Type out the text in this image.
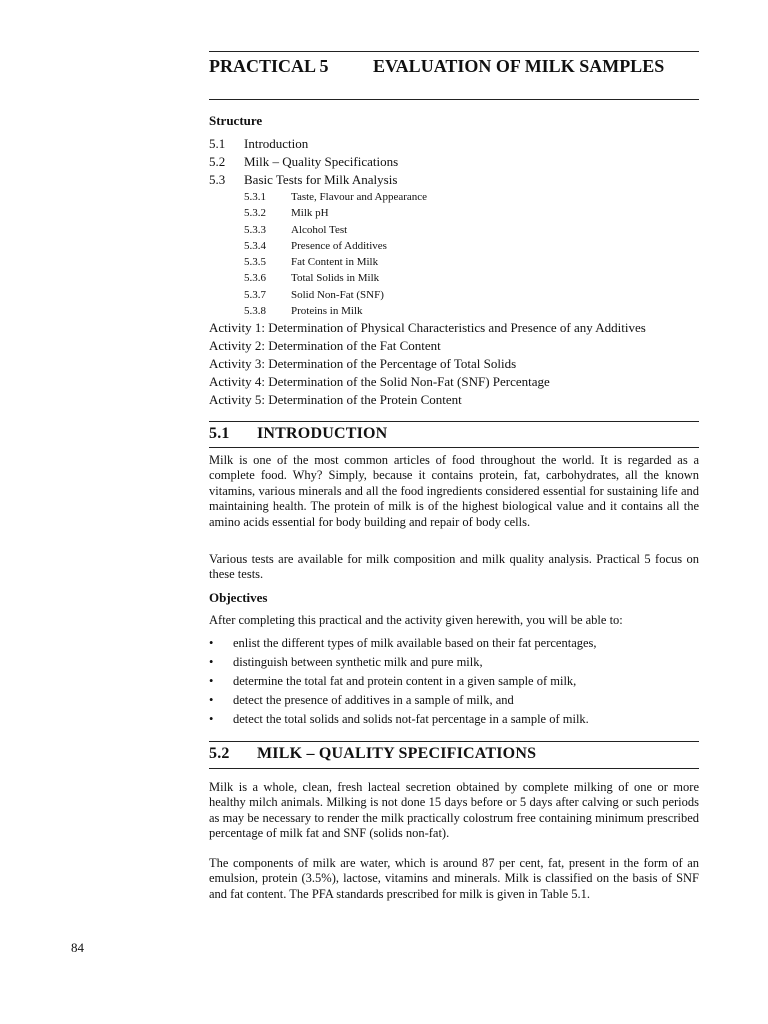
PRACTICAL 5 EVALUATION OF MILK SAMPLES
Structure
5.1 Introduction
5.2 Milk – Quality Specifications
5.3 Basic Tests for Milk Analysis
5.3.1 Taste, Flavour and Appearance
5.3.2 Milk pH
5.3.3 Alcohol Test
5.3.4 Presence of Additives
5.3.5 Fat Content in Milk
5.3.6 Total Solids in Milk
5.3.7 Solid Non-Fat (SNF)
5.3.8 Proteins in Milk
Activity 1: Determination of Physical Characteristics and Presence of any Additives
Activity 2: Determination of the Fat Content
Activity 3: Determination of the Percentage of Total Solids
Activity 4: Determination of the Solid Non-Fat (SNF) Percentage
Activity 5: Determination of the Protein Content
5.1 INTRODUCTION
Milk is one of the most common articles of food throughout the world. It is regarded as a complete food. Why? Simply, because it contains protein, fat, carbohydrates, all the known vitamins, various minerals and all the food ingredients considered essential for sustaining life and maintaining health. The protein of milk is of the highest biological value and it contains all the amino acids essential for body building and repair of body cells.
Various tests are available for milk composition and milk quality analysis. Practical 5 focus on these tests.
Objectives
After completing this practical and the activity given herewith, you will be able to:
• enlist the different types of milk available based on their fat percentages,
• distinguish between synthetic milk and pure milk,
• determine the total fat and protein content in a given sample of milk,
• detect the presence of additives in a sample of milk, and
• detect the total solids and solids not-fat percentage in a sample of milk.
5.2 MILK – QUALITY SPECIFICATIONS
Milk is a whole, clean, fresh lacteal secretion obtained by complete milking of one or more healthy milch animals. Milking is not done 15 days before or 5 days after calving or such periods as may be necessary to render the milk practically colostrum free containing minimum prescribed percentage of milk fat and SNF (solids non-fat).
The components of milk are water, which is around 87 per cent, fat, present in the form of an emulsion, protein (3.5%), lactose, vitamins and minerals. Milk is classified on the basis of SNF and fat content. The PFA standards prescribed for milk is given in Table 5.1.
84
